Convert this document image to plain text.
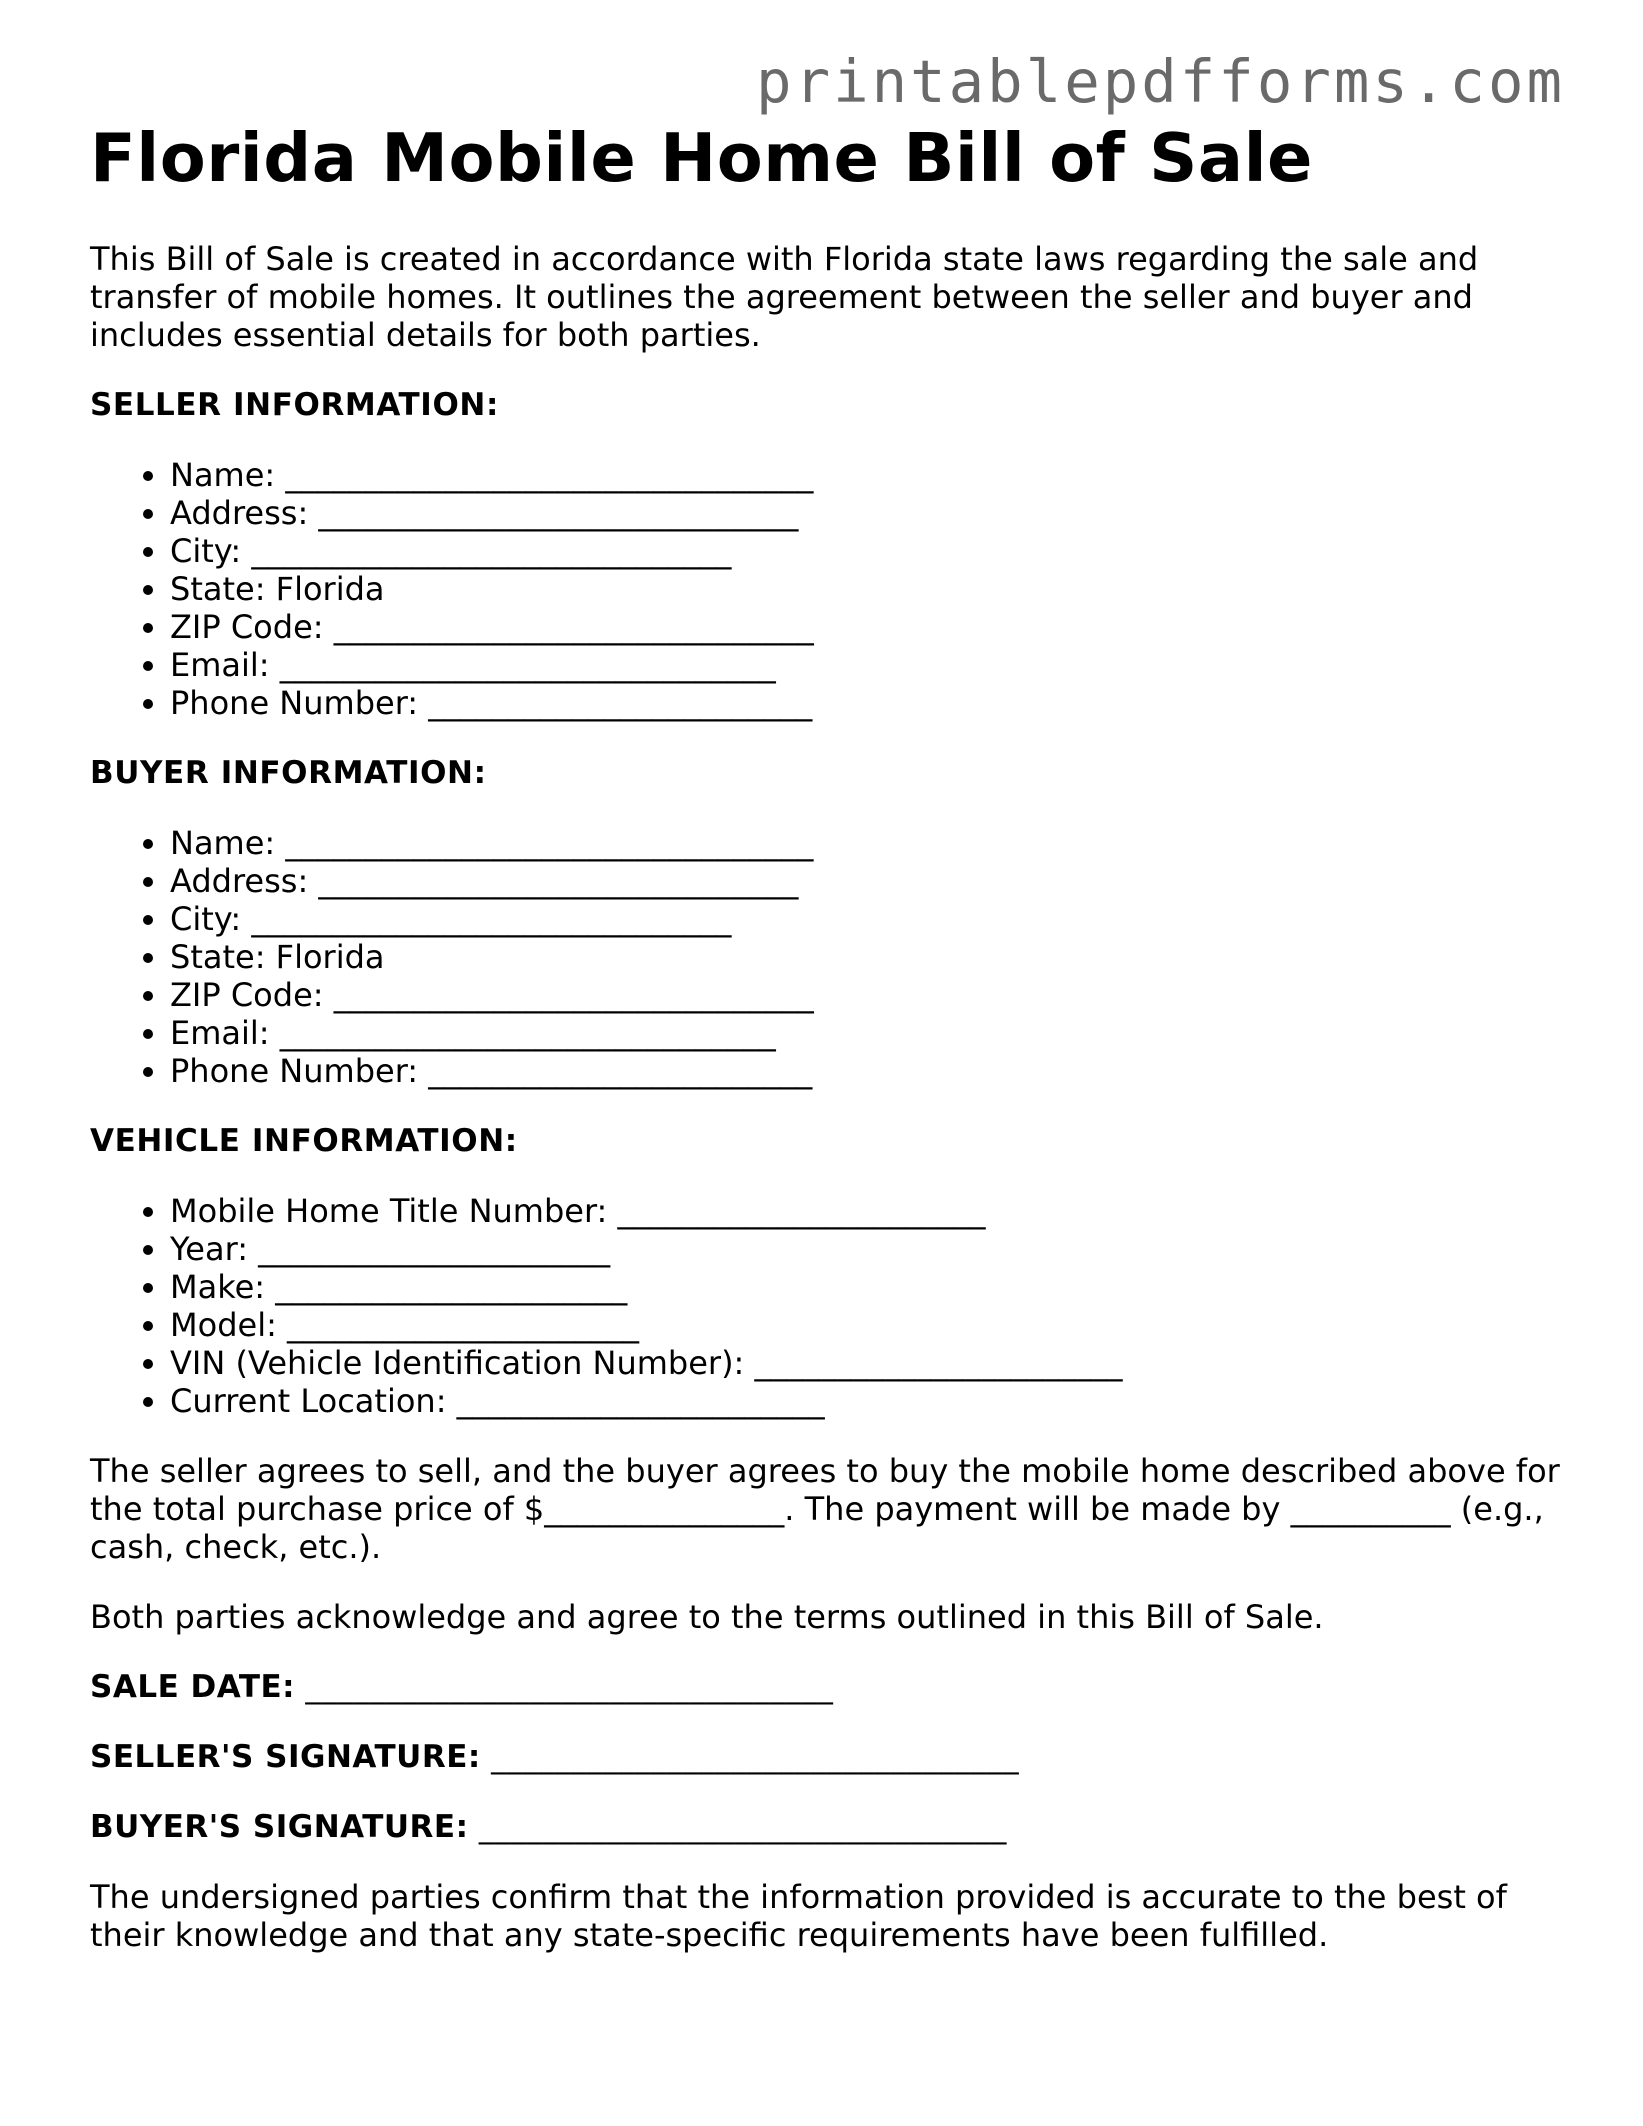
printablepdfforms.com
Florida Mobile Home Bill of Sale

This Bill of Sale is created in accordance with Florida state laws regarding the sale and transfer of mobile homes. It outlines the agreement between the seller and buyer and includes essential details for both parties.

SELLER INFORMATION:
• Name: _________________________________
• Address: ______________________________
• City: ______________________________
• State: Florida
• ZIP Code: ______________________________
• Email: _______________________________
• Phone Number: ________________________
BUYER INFORMATION:
• Name: _________________________________
• Address: ______________________________
• City: ______________________________
• State: Florida
• ZIP Code: ______________________________
• Email: _______________________________
• Phone Number: ________________________
VEHICLE INFORMATION:
• Mobile Home Title Number: _______________________
• Year: ______________________
• Make: ______________________
• Model: ______________________
• VIN (Vehicle Identification Number): _______________________
• Current Location: _______________________

The seller agrees to sell, and the buyer agrees to buy the mobile home described above for the total purchase price of $_______________. The payment will be made by __________ (e.g., cash, check, etc.).

Both parties acknowledge and agree to the terms outlined in this Bill of Sale.

SALE DATE: _________________________________
SELLER'S SIGNATURE: _________________________________
BUYER'S SIGNATURE: _________________________________

The undersigned parties confirm that the information provided is accurate to the best of their knowledge and that any state-specific requirements have been fulfilled.
